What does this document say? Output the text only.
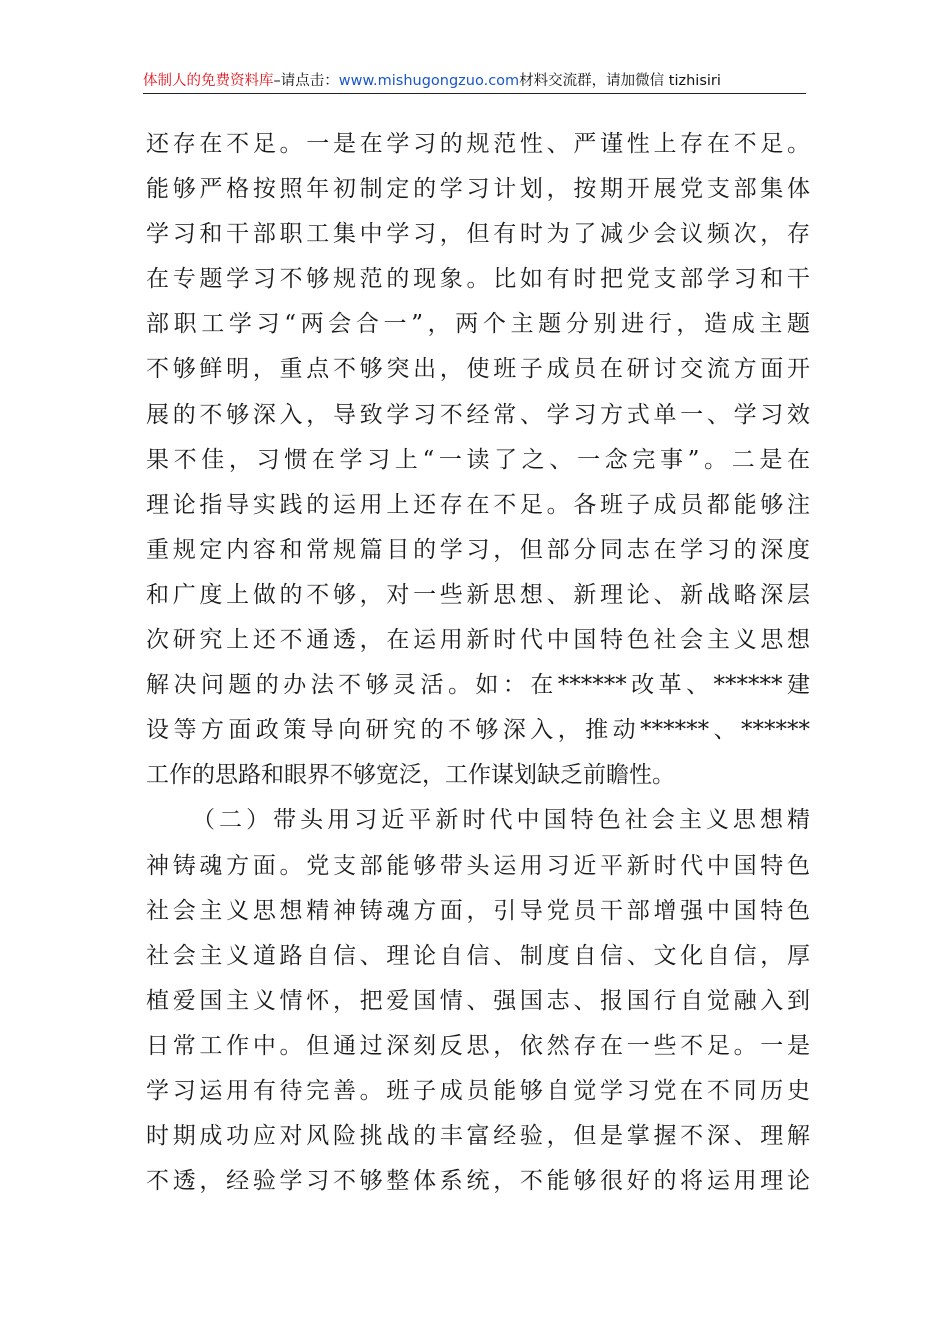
体制人的免费资料库–请点击：www.mishugongzuo.com材料交流群，请加微信 tizhisiri
还存在不足。一是在学习的规范性、严谨性上存在不足。
能够严格按照年初制定的学习计划，按期开展党支部集体
学习和干部职工集中学习，但有时为了减少会议频次，存
在专题学习不够规范的现象。比如有时把党支部学习和干
部职工学习“两会合一”，两个主题分别进行，造成主题
不够鲜明，重点不够突出，使班子成员在研讨交流方面开
展的不够深入，导致学习不经常、学习方式单一、学习效
果不佳，习惯在学习上“一读了之、一念完事”。二是在
理论指导实践的运用上还存在不足。各班子成员都能够注
重规定内容和常规篇目的学习，但部分同志在学习的深度
和广度上做的不够，对一些新思想、新理论、新战略深层
次研究上还不通透，在运用新时代中国特色社会主义思想
解决问题的办法不够灵活。如：在******改革、******建
设等方面政策导向研究的不够深入，推动******、******
工作的思路和眼界不够宽泛，工作谋划缺乏前瞻性。
（二）带头用习近平新时代中国特色社会主义思想精
神铸魂方面。党支部能够带头运用习近平新时代中国特色
社会主义思想精神铸魂方面，引导党员干部增强中国特色
社会主义道路自信、理论自信、制度自信、文化自信，厚
植爱国主义情怀，把爱国情、强国志、报国行自觉融入到
日常工作中。但通过深刻反思，依然存在一些不足。一是
学习运用有待完善。班子成员能够自觉学习党在不同历史
时期成功应对风险挑战的丰富经验，但是掌握不深、理解
不透，经验学习不够整体系统，不能够很好的将运用理论
